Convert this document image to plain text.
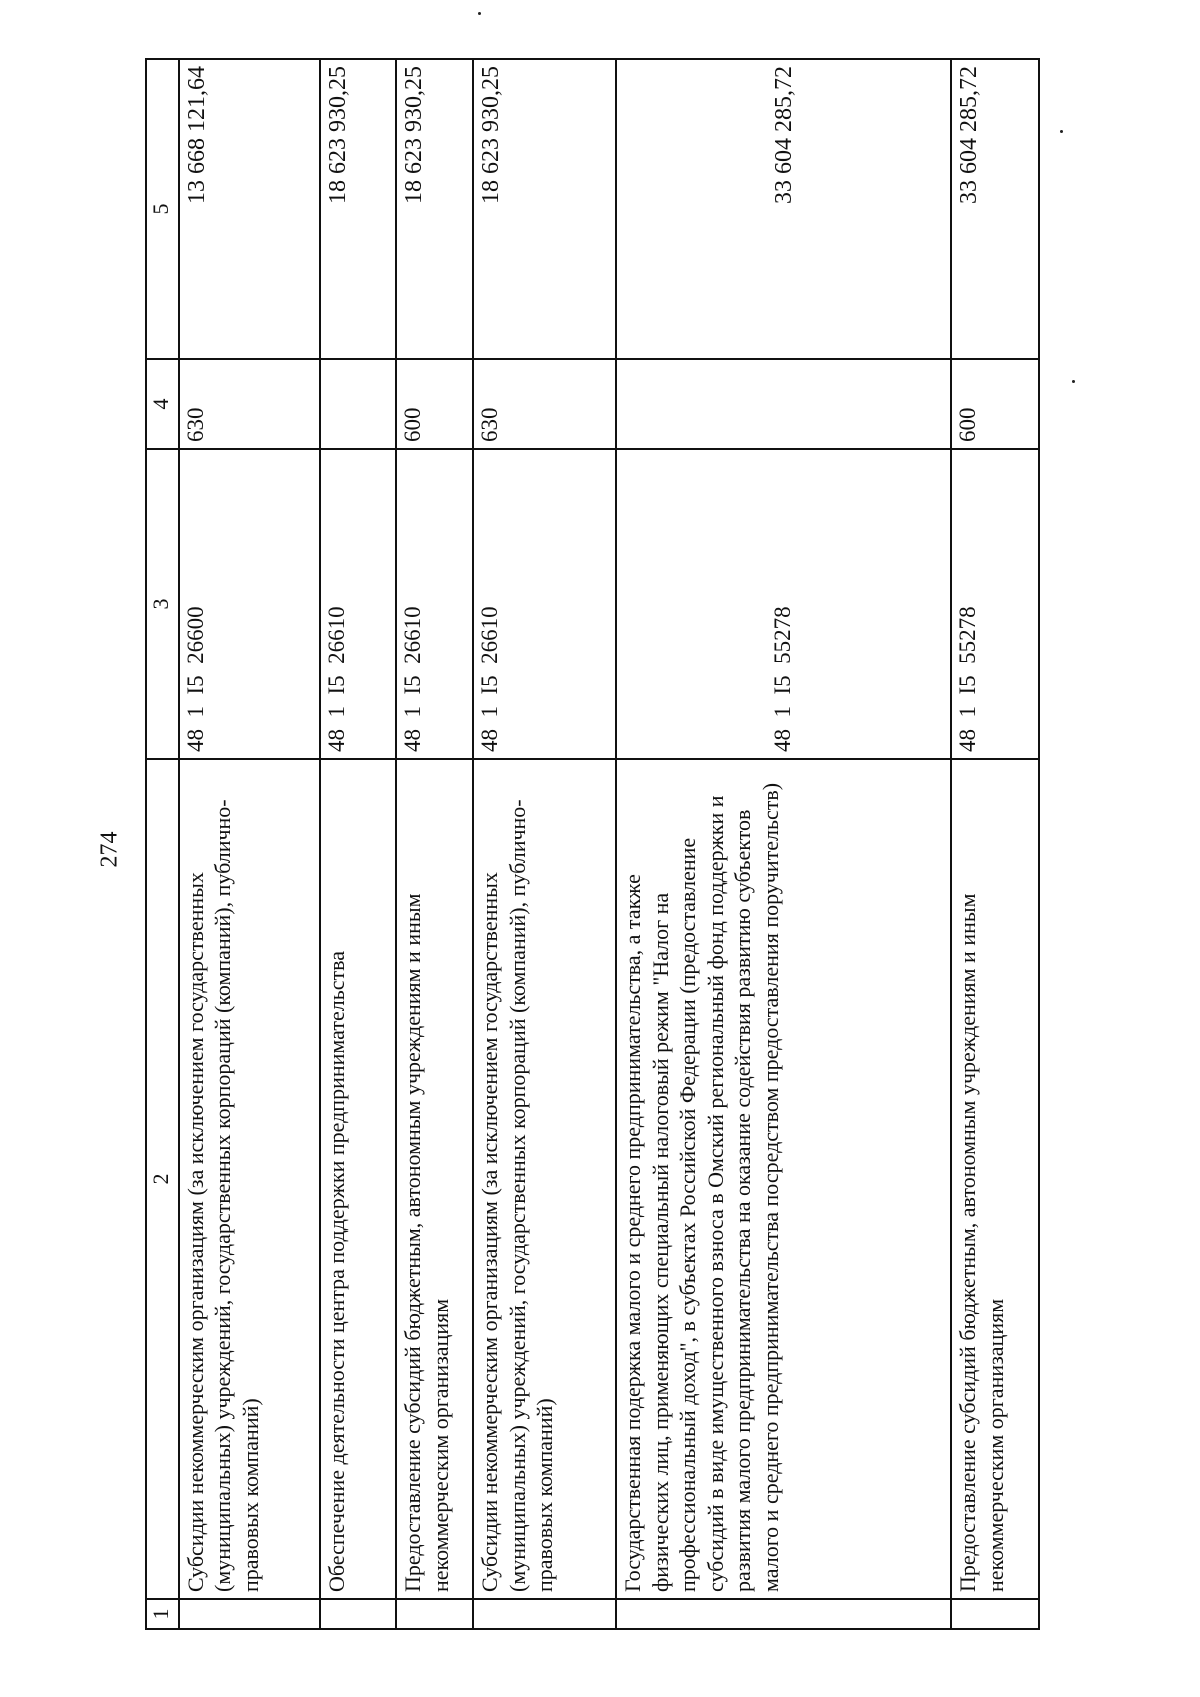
274
1	2	3	4	5
	Субсидии некоммерческим организациям (за исключением государственных (муниципальных) учреждений, государственных корпораций (компаний), публично-правовых компаний)	48  1  I5  26600	630	13 668 121,64
	Обеспечение деятельности центра поддержки предпринимательства	48  1  I5  26610		18 623 930,25
	Предоставление субсидий бюджетным, автономным учреждениям и иным некоммерческим организациям	48  1  I5  26610	600	18 623 930,25
	Субсидии некоммерческим организациям (за исключением государственных (муниципальных) учреждений, государственных корпораций (компаний), публично-правовых компаний)	48  1  I5  26610	630	18 623 930,25
	Государственная подержка малого и среднего предпринимательства, а также физических лиц, применяющих специальный налоговый режим "Налог на профессиональный доход", в субъектах Российской Федерации (предоставление субсидий в виде имущественного взноса в Омский региональный фонд поддержки и развития малого предпринимательства на оказание содействия развитию субъектов малого и среднего предпринимательства посредством предоставления поручительств)	48  1  I5  55278		33 604 285,72
	Предоставление субсидий бюджетным, автономным учреждениям и иным некоммерческим организациям	48  1  I5  55278	600	33 604 285,72
